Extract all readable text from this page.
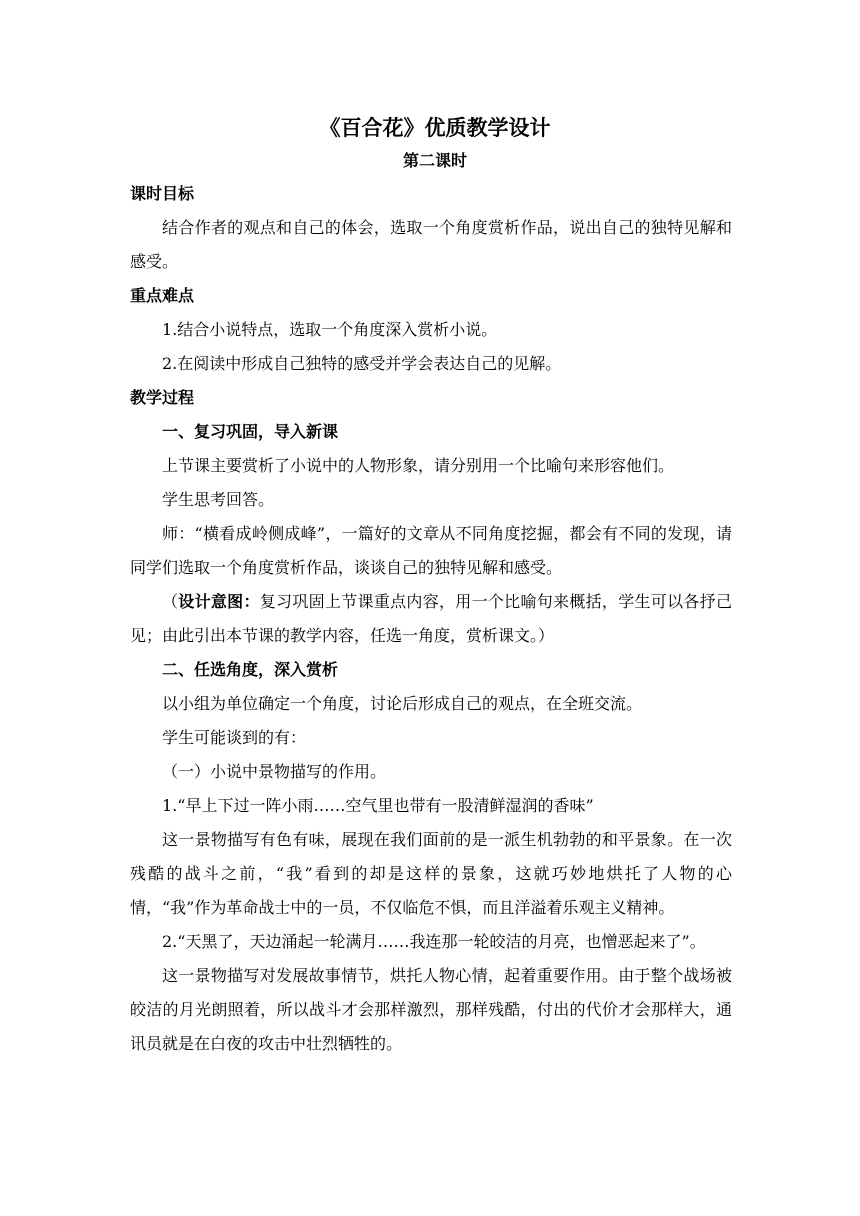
《百合花》优质教学设计
第二课时
课时目标

结合作者的观点和自己的体会，选取一个角度赏析作品，说出自己的独特见解和感受。

重点难点

1.结合小说特点，选取一个角度深入赏析小说。

2.在阅读中形成自己独特的感受并学会表达自己的见解。

教学过程

一、复习巩固，导入新课

上节课主要赏析了小说中的人物形象，请分别用一个比喻句来形容他们。

学生思考回答。

师：“横看成岭侧成峰”，一篇好的文章从不同角度挖掘，都会有不同的发现，请同学们选取一个角度赏析作品，谈谈自己的独特见解和感受。

（设计意图：复习巩固上节课重点内容，用一个比喻句来概括，学生可以各抒己见；由此引出本节课的教学内容，任选一角度，赏析课文。）

二、任选角度，深入赏析

以小组为单位确定一个角度，讨论后形成自己的观点，在全班交流。

学生可能谈到的有：

（一）小说中景物描写的作用。

1.“早上下过一阵小雨……空气里也带有一股清鲜湿润的香味”

这一景物描写有色有味，展现在我们面前的是一派生机勃勃的和平景象。在一次残酷的战斗之前，“我”看到的却是这样的景象，这就巧妙地烘托了人物的心情，“我”作为革命战士中的一员，不仅临危不惧，而且洋溢着乐观主义精神。

2.“天黑了，天边涌起一轮满月……我连那一轮皎洁的月亮，也憎恶起来了”。

这一景物描写对发展故事情节，烘托人物心情，起着重要作用。由于整个战场被皎洁的月光朗照着，所以战斗才会那样激烈，那样残酷，付出的代价才会那样大，通讯员就是在白夜的攻击中壮烈牺牲的。
